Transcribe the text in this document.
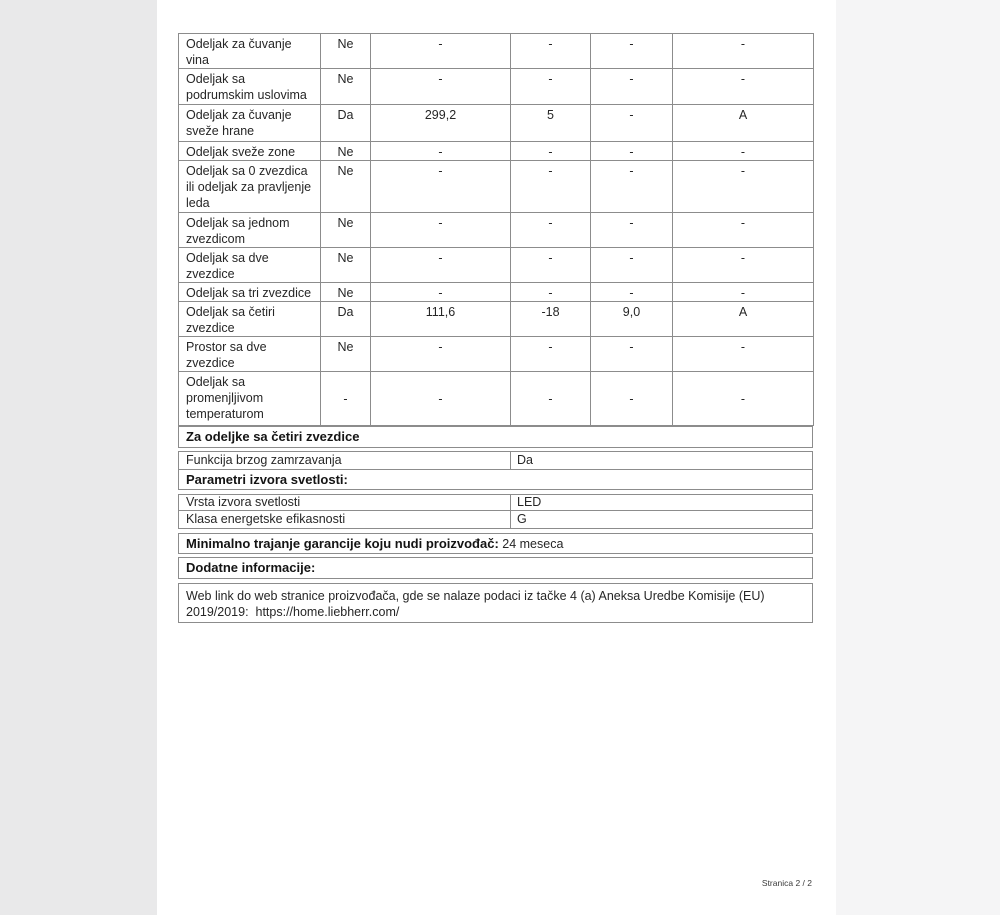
Odeljak za čuvanje vina	Ne	-	-	-	-
Odeljak sa podrumskim uslovima	Ne	-	-	-	-
Odeljak za čuvanje sveže hrane	Da	299,2	5	-	A
Odeljak sveže zone	Ne	-	-	-	-
Odeljak sa 0 zvezdica ili odeljak za pravljenje leda	Ne	-	-	-	-
Odeljak sa jednom zvezdicom	Ne	-	-	-	-
Odeljak sa dve zvezdice	Ne	-	-	-	-
Odeljak sa tri zvezdice	Ne	-	-	-	-
Odeljak sa četiri zvezdice	Da	111,6	-18	9,0	A
Prostor sa dve zvezdice	Ne	-	-	-	-
Odeljak sa promenjljivom temperaturom	-	-	-	-	-
Za odeljke sa četiri zvezdice
Funkcija brzog zamrzavanja	Da
Parametri izvora svetlosti:
Vrsta izvora svetlosti	LED
Klasa energetske efikasnosti	G
Minimalno trajanje garancije koju nudi proizvođač: 24 meseca
Dodatne informacije:
Web link do web stranice proizvođača, gde se nalaze podaci iz tačke 4 (a) Aneksa Uredbe Komisije (EU)
2019/2019:  https://home.liebherr.com/
Stranica 2 / 2
